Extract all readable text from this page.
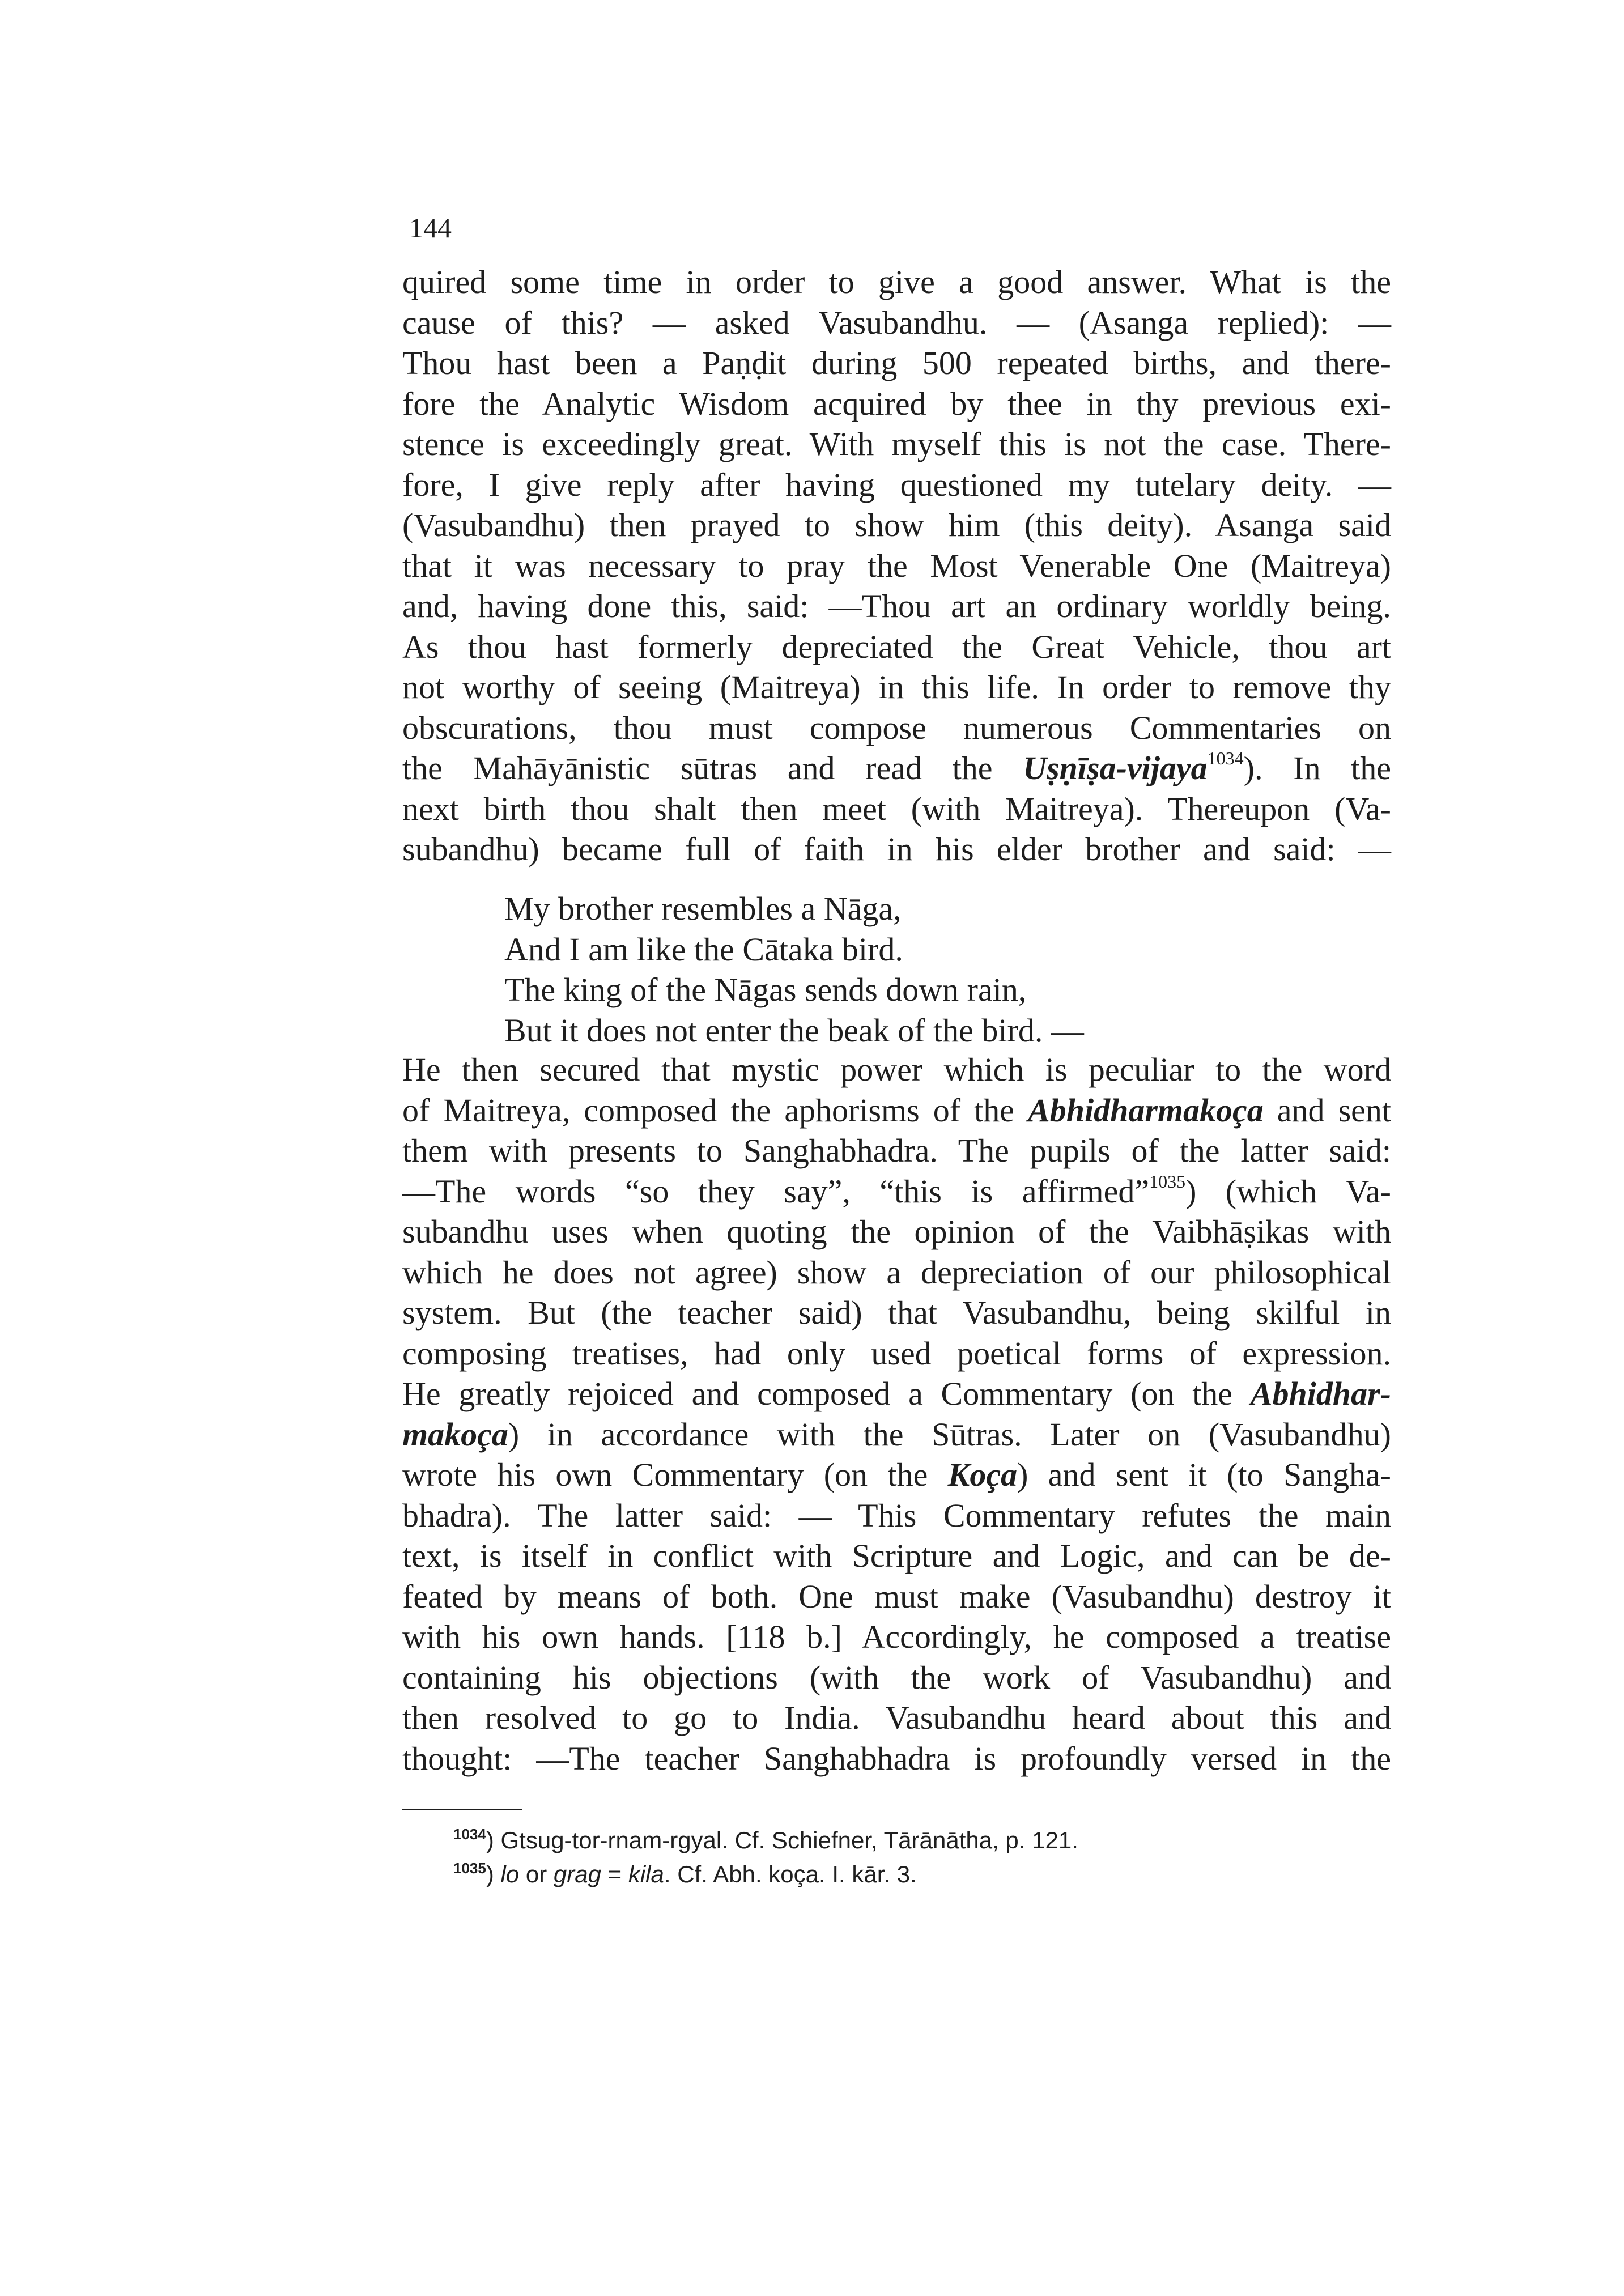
144
quired some time in order to give a good answer. What is the
cause of this? — asked Vasubandhu. — (Asanga replied): —
Thou hast been a Paṇḍit during 500 repeated births, and there-
fore the Analytic Wisdom acquired by thee in thy previous exi-
stence is exceedingly great. With myself this is not the case. There-
fore, I give reply after having questioned my tutelary deity. —
(Vasubandhu) then prayed to show him (this deity). Asanga said
that it was necessary to pray the Most Venerable One (Maitreya)
and, having done this, said: —Thou art an ordinary worldly being.
As thou hast formerly depreciated the Great Vehicle, thou art
not worthy of seeing (Maitreya) in this life. In order to remove thy
obscurations, thou must compose numerous Commentaries on
the Mahāyānistic sūtras and read the Uṣṇīṣa-vijaya$^{1034}$). In the
next birth thou shalt then meet (with Maitreya). Thereupon (Va-
subandhu) became full of faith in his elder brother and said: —
My brother resembles a Nāga,
And I am like the Cātaka bird.
The king of the Nāgas sends down rain,
But it does not enter the beak of the bird. —
He then secured that mystic power which is peculiar to the word
of Maitreya, composed the aphorisms of the Abhidharmakoça and sent
them with presents to Sanghabhadra. The pupils of the latter said:
—The words “so they say”, “this is affirmed”$^{1035}$) (which Va-
subandhu uses when quoting the opinion of the Vaibhāṣikas with
which he does not agree) show a depreciation of our philosophical
system. But (the teacher said) that Vasubandhu, being skilful in
composing treatises, had only used poetical forms of expression.
He greatly rejoiced and composed a Commentary (on the Abhidhar-
makoça) in accordance with the Sūtras. Later on (Vasubandhu)
wrote his own Commentary (on the Koça) and sent it (to Sangha-
bhadra). The latter said: — This Commentary refutes the main
text, is itself in conflict with Scripture and Logic, and can be de-
feated by means of both. One must make (Vasubandhu) destroy it
with his own hands. [118 b.] Accordingly, he composed a treatise
containing his objections (with the work of Vasubandhu) and
then resolved to go to India. Vasubandhu heard about this and
thought: —The teacher Sanghabhadra is profoundly versed in the
$^{1034}$) Gtsug-tor-rnam-rgyal. Cf. Schiefner, Tārānātha, p. 121.
$^{1035}$) lo or grag = kila. Cf. Abh. koça. I. kār. 3.
